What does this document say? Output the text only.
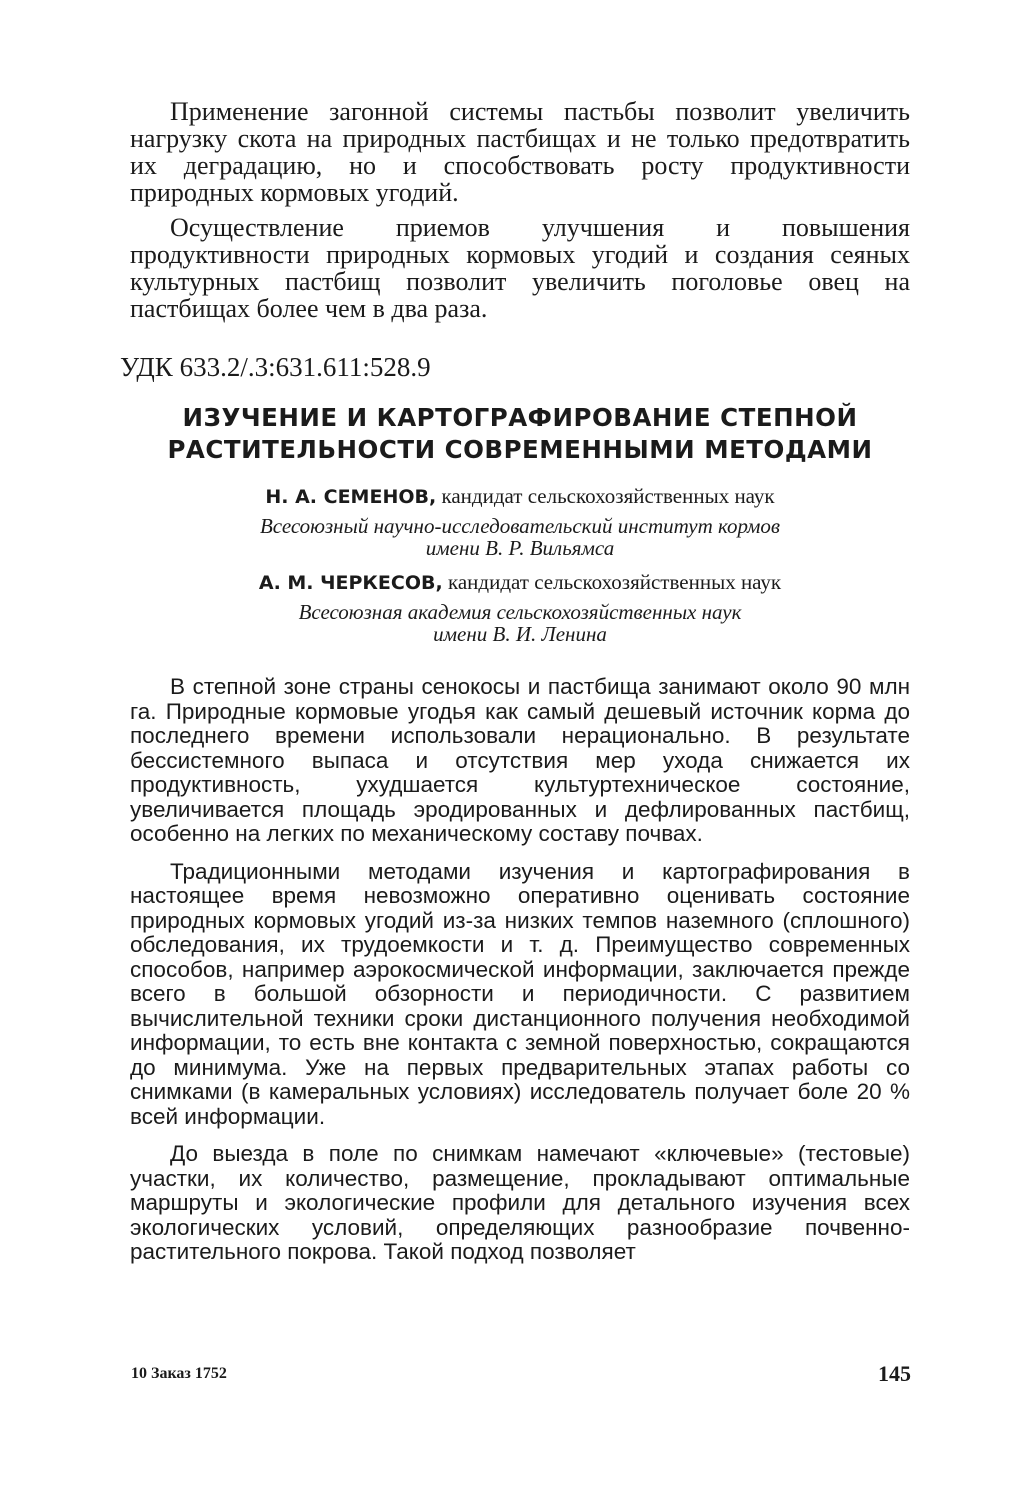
Применение загонной системы пастьбы позволит увеличить нагрузку скота на природных пастбищах и не только предотвратить их деградацию, но и способствовать росту продуктивности природных кормовых угодий.

Осуществление приемов улучшения и повышения продуктивности природных кормовых угодий и создания сеяных культурных пастбищ позволит увеличить поголовье овец на пастбищах более чем в два раза.

УДК 633.2/.3:631.611:528.9
ИЗУЧЕНИЕ И КАРТОГРАФИРОВАНИЕ СТЕПНОЙ
РАСТИТЕЛЬНОСТИ СОВРЕМЕННЫМИ МЕТОДАМИ
Н. А. СЕМЕНОВ, кандидат сельскохозяйственных наук
Всесоюзный научно-исследовательский институт кормов
имени В. Р. Вильямса
А. М. ЧЕРКЕСОВ, кандидат сельскохозяйственных наук
Всесоюзная академия сельскохозяйственных наук
имени В. И. Ленина

В степной зоне страны сенокосы и пастбища занимают около 90 млн га. Природные кормовые угодья как самый дешевый источник корма до последнего времени использовали нерационально. В результате бессистемного выпаса и отсутствия мер ухода снижается их продуктивность, ухудшается культуртехническое состояние, увеличивается площадь эродированных и дефлированных пастбищ, особенно на легких по механическому составу почвах.

Традиционными методами изучения и картографирования в настоящее время невозможно оперативно оценивать состояние природных кормовых угодий из-за низких темпов наземного (сплошного) обследования, их трудоемкости и т. д. Преимущество современных способов, например аэрокосмической информации, заключается прежде всего в большой обзорности и периодичности. С развитием вычислительной техники сроки дистанционного получения необходимой информации, то есть вне контакта с земной поверхностью, сокращаются до минимума. Уже на первых предварительных этапах работы со снимками (в камеральных условиях) исследователь получает боле 20 % всей информации.

До выезда в поле по снимкам намечают «ключевые» (тестовые) участки, их количество, размещение, прокладывают оптимальные маршруты и экологические профили для детального изучения всех экологических условий, определяющих разнообразие почвенно-растительного покрова. Такой подход позволяет

10 Заказ 1752	145
